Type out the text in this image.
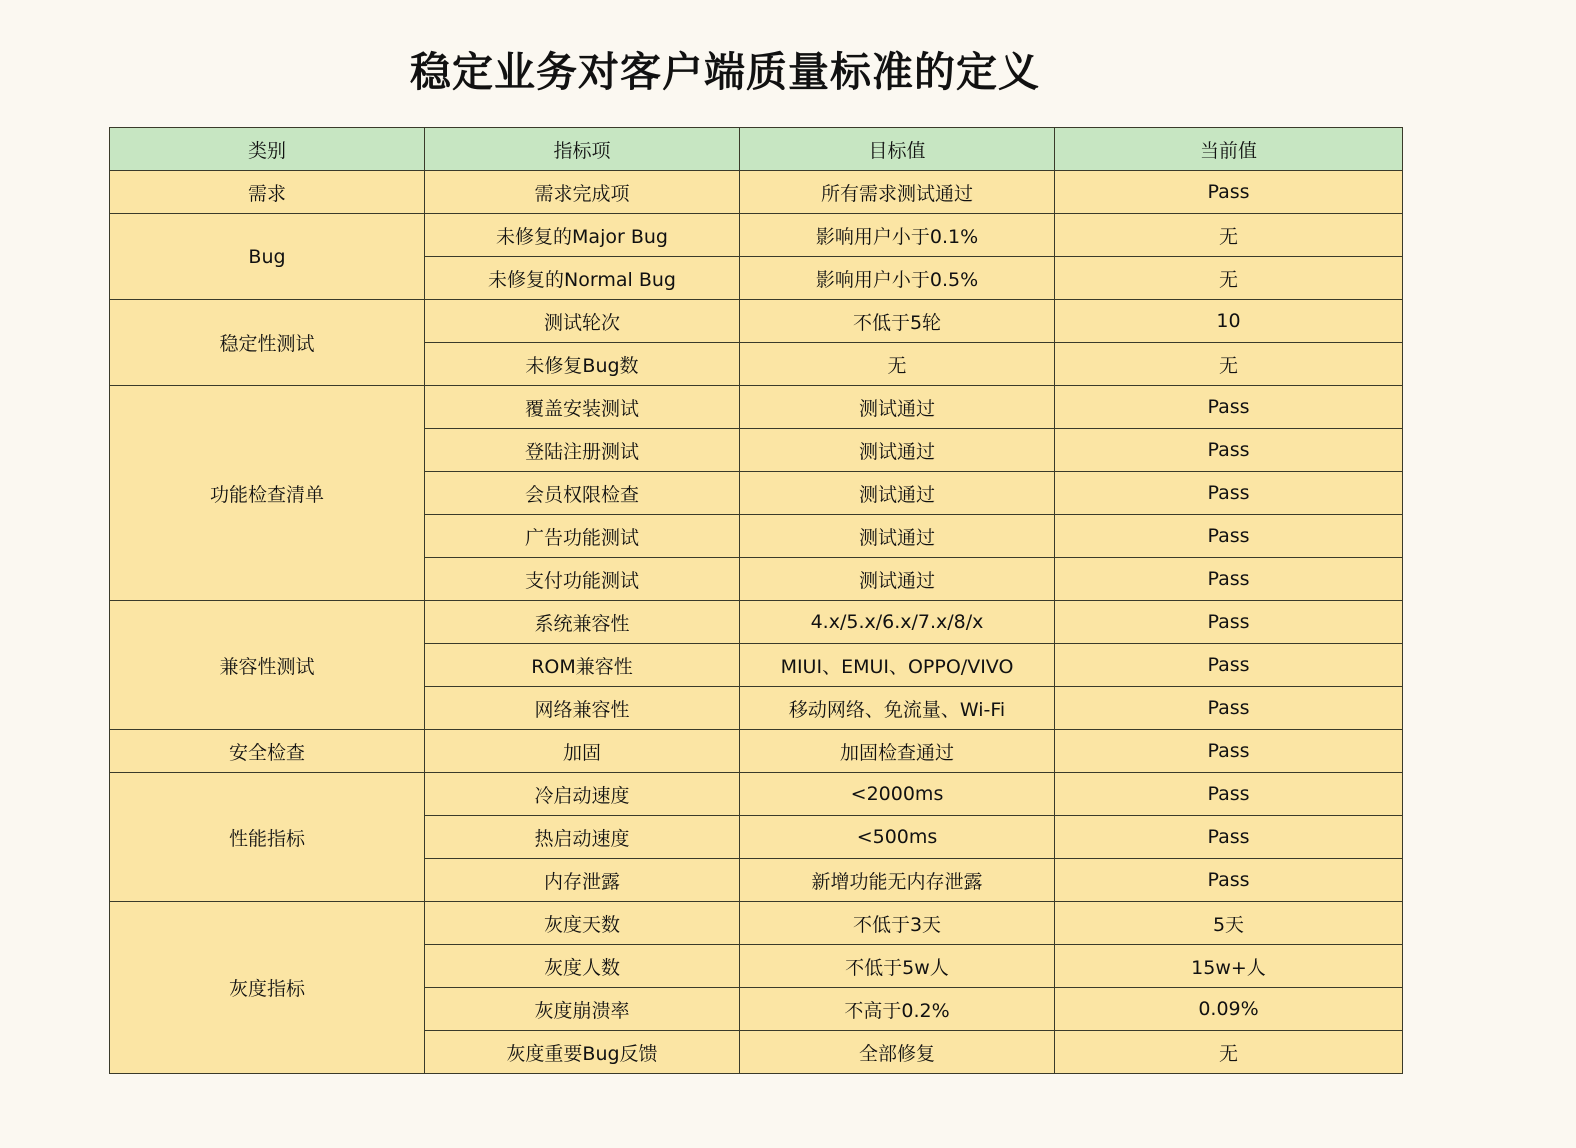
稳定业务对客户端质量标准的定义
类别	指标项	目标值	当前值
需求	需求完成项	所有需求测试通过	Pass
Bug	未修复的Major Bug	影响用户小于0.1%	无
	未修复的Normal Bug	影响用户小于0.5%	无
稳定性测试	测试轮次	不低于5轮	10
	未修复Bug数	无	无
功能检查清单	覆盖安装测试	测试通过	Pass
	登陆注册测试	测试通过	Pass
	会员权限检查	测试通过	Pass
	广告功能测试	测试通过	Pass
	支付功能测试	测试通过	Pass
兼容性测试	系统兼容性	4.x/5.x/6.x/7.x/8/x	Pass
	ROM兼容性	MIUI、EMUI、OPPO/VIVO	Pass
	网络兼容性	移动网络、免流量、Wi-Fi	Pass
安全检查	加固	加固检查通过	Pass
性能指标	冷启动速度	<2000ms	Pass
	热启动速度	<500ms	Pass
	内存泄露	新增功能无内存泄露	Pass
灰度指标	灰度天数	不低于3天	5天
	灰度人数	不低于5w人	15w+人
	灰度崩溃率	不高于0.2%	0.09%
	灰度重要Bug反馈	全部修复	无
